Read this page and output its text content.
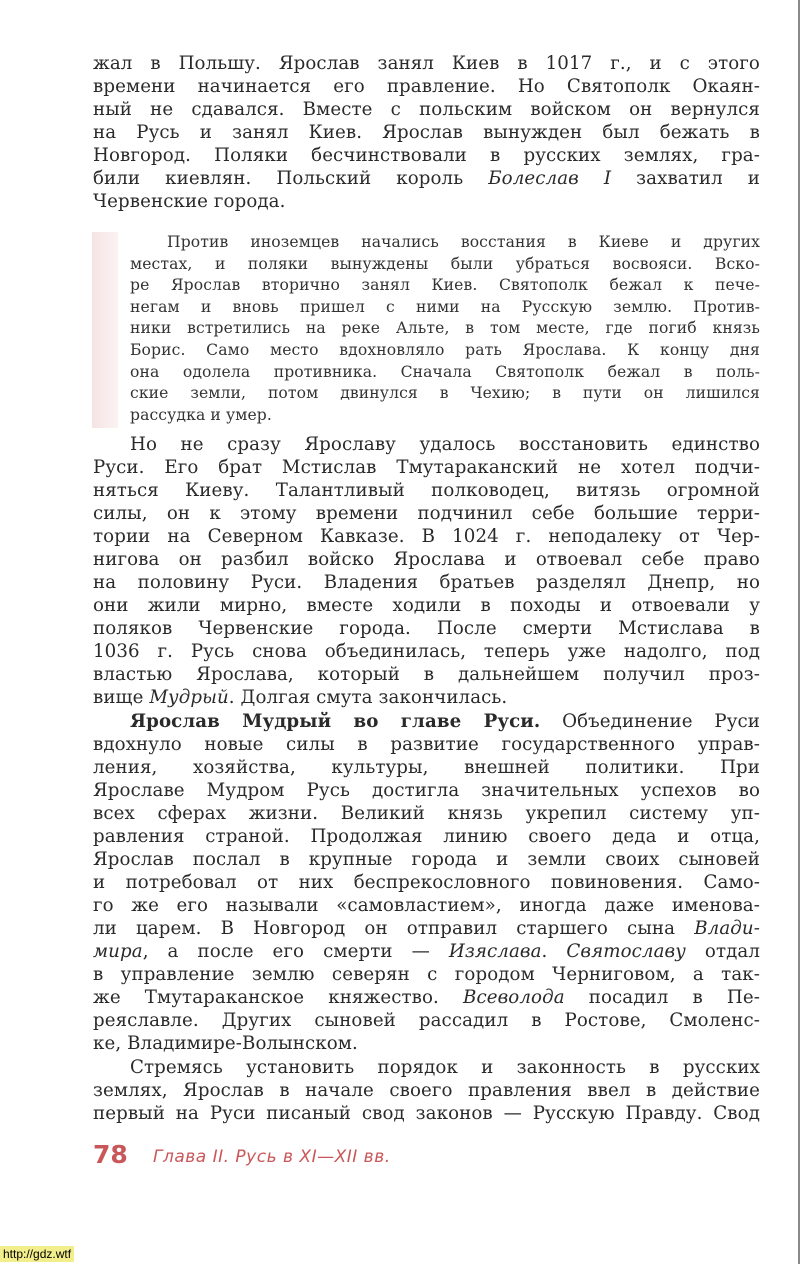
жал в Польшу. Ярослав занял Киев в 1017 г., и с этого
времени начинается его правление. Но Святополк Окаян-
ный не сдавался. Вместе с польским войском он вернулся
на Русь и занял Киев. Ярослав вынужден был бежать в
Новгород. Поляки бесчинствовали в русских землях, гра-
били киевлян. Польский король Болеслав I захватил и
Червенские города.
Против иноземцев начались восстания в Киеве и других
местах, и поляки вынуждены были убраться восвояси. Вско-
ре Ярослав вторично занял Киев. Святополк бежал к пече-
негам и вновь пришел с ними на Русскую землю. Против-
ники встретились на реке Альте, в том месте, где погиб князь
Борис. Само место вдохновляло рать Ярослава. К концу дня
она одолела противника. Сначала Святополк бежал в поль-
ские земли, потом двинулся в Чехию; в пути он лишился
рассудка и умер.
Но не сразу Ярославу удалось восстановить единство
Руси. Его брат Мстислав Тмутараканский не хотел подчи-
няться Киеву. Талантливый полководец, витязь огромной
силы, он к этому времени подчинил себе большие терри-
тории на Северном Кавказе. В 1024 г. неподалеку от Чер-
нигова он разбил войско Ярослава и отвоевал себе право
на половину Руси. Владения братьев разделял Днепр, но
они жили мирно, вместе ходили в походы и отвоевали у
поляков Червенские города. После смерти Мстислава в
1036 г. Русь снова объединилась, теперь уже надолго, под
властью Ярослава, который в дальнейшем получил проз-
вище Мудрый. Долгая смута закончилась.
Ярослав Мудрый во главе Руси. Объединение Руси
вдохнуло новые силы в развитие государственного управ-
ления, хозяйства, культуры, внешней политики. При
Ярославе Мудром Русь достигла значительных успехов во
всех сферах жизни. Великий князь укрепил систему уп-
равления страной. Продолжая линию своего деда и отца,
Ярослав послал в крупные города и земли своих сыновей
и потребовал от них беспрекословного повиновения. Само-
го же его называли «самовластием», иногда даже именова-
ли царем. В Новгород он отправил старшего сына Влади-
мира, а после его смерти — Изяслава. Святославу отдал
в управление землю северян с городом Черниговом, а так-
же Тмутараканское княжество. Всеволода посадил в Пе-
реяславле. Других сыновей рассадил в Ростове, Смоленс-
ке, Владимире-Волынском.
Стремясь установить порядок и законность в русских
землях, Ярослав в начале своего правления ввел в действие
первый на Руси писаный свод законов — Русскую Правду. Свод
78 Глава II. Русь в XI—XII вв.
http://gdz.wtf
